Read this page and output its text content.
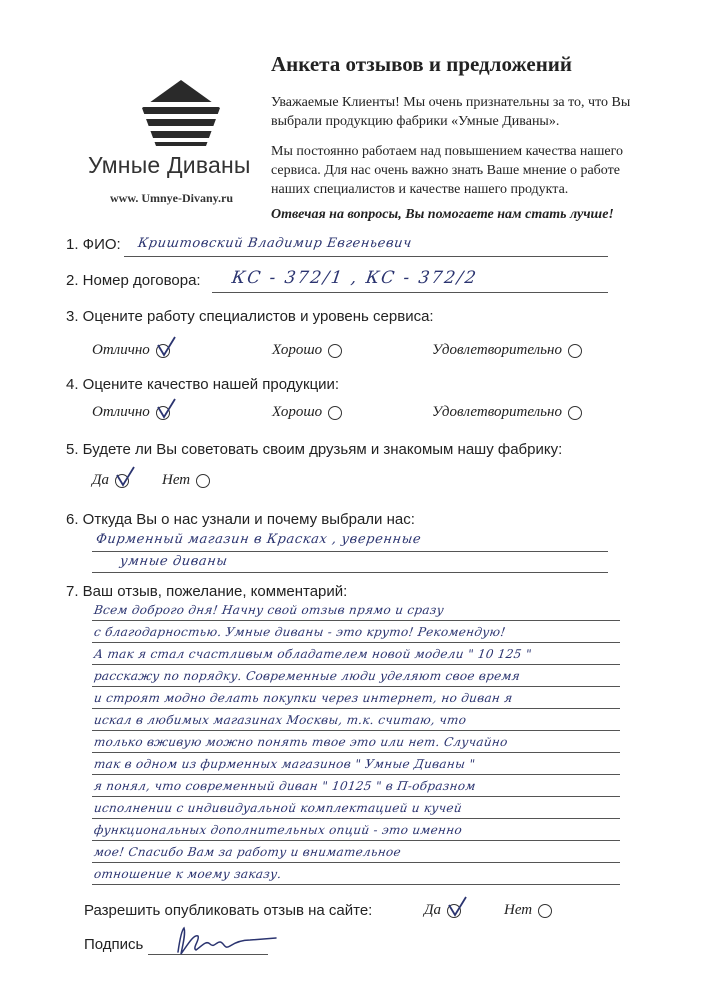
Умные Диваны
www. Umnye-Divany.ru
Анкета отзывов и предложений
Уважаемые Клиенты! Мы очень признательны за то, что Вы
выбрали продукцию фабрики «Умные Диваны».
Мы постоянно работаем над повышением качества нашего
сервиса. Для нас очень важно знать Ваше мнение о работе
наших специалистов и качестве нашего продукта.
Отвечая на вопросы, Вы помогаете нам стать лучше!
1. ФИО: Криштовский Владимир Евгеньевич
2. Номер договора: КС - 372/1 , КС - 372/2
3. Оцените работу специалистов и уровень сервиса:
Отлично	Хорошо	Удовлетворительно
4. Оцените качество нашей продукции:
Отлично	Хорошо	Удовлетворительно
5. Будете ли Вы советовать своим друзьям и знакомым нашу фабрику:
Да	Нет
6. Откуда Вы о нас узнали и почему выбрали нас:
Фирменный магазин в Красках , уверенные
умные диваны
7. Ваш отзыв, пожелание, комментарий:
Всем доброго дня! Начну свой отзыв прямо и сразу
с благодарностью. Умные диваны - это круто! Рекомендую!
А так я стал счастливым обладателем новой модели " 10 125 "
расскажу по порядку. Современные люди уделяют свое время
и строят модно делать покупки через интернет, но диван я
искал в любимых магазинах Москвы, т.к. считаю, что
только вживую можно понять твое это или нет. Случайно
так в одном из фирменных магазинов " Умные Диваны "
я понял, что современный диван " 10125 " в П-образном
исполнении с индивидуальной комплектацией и кучей
функциональных дополнительных опций - это именно
мое! Спасибо Вам за работу и внимательное
отношение к моему заказу.
Разрешить опубликовать отзыв на сайте:	Да	Нет
Подпись
